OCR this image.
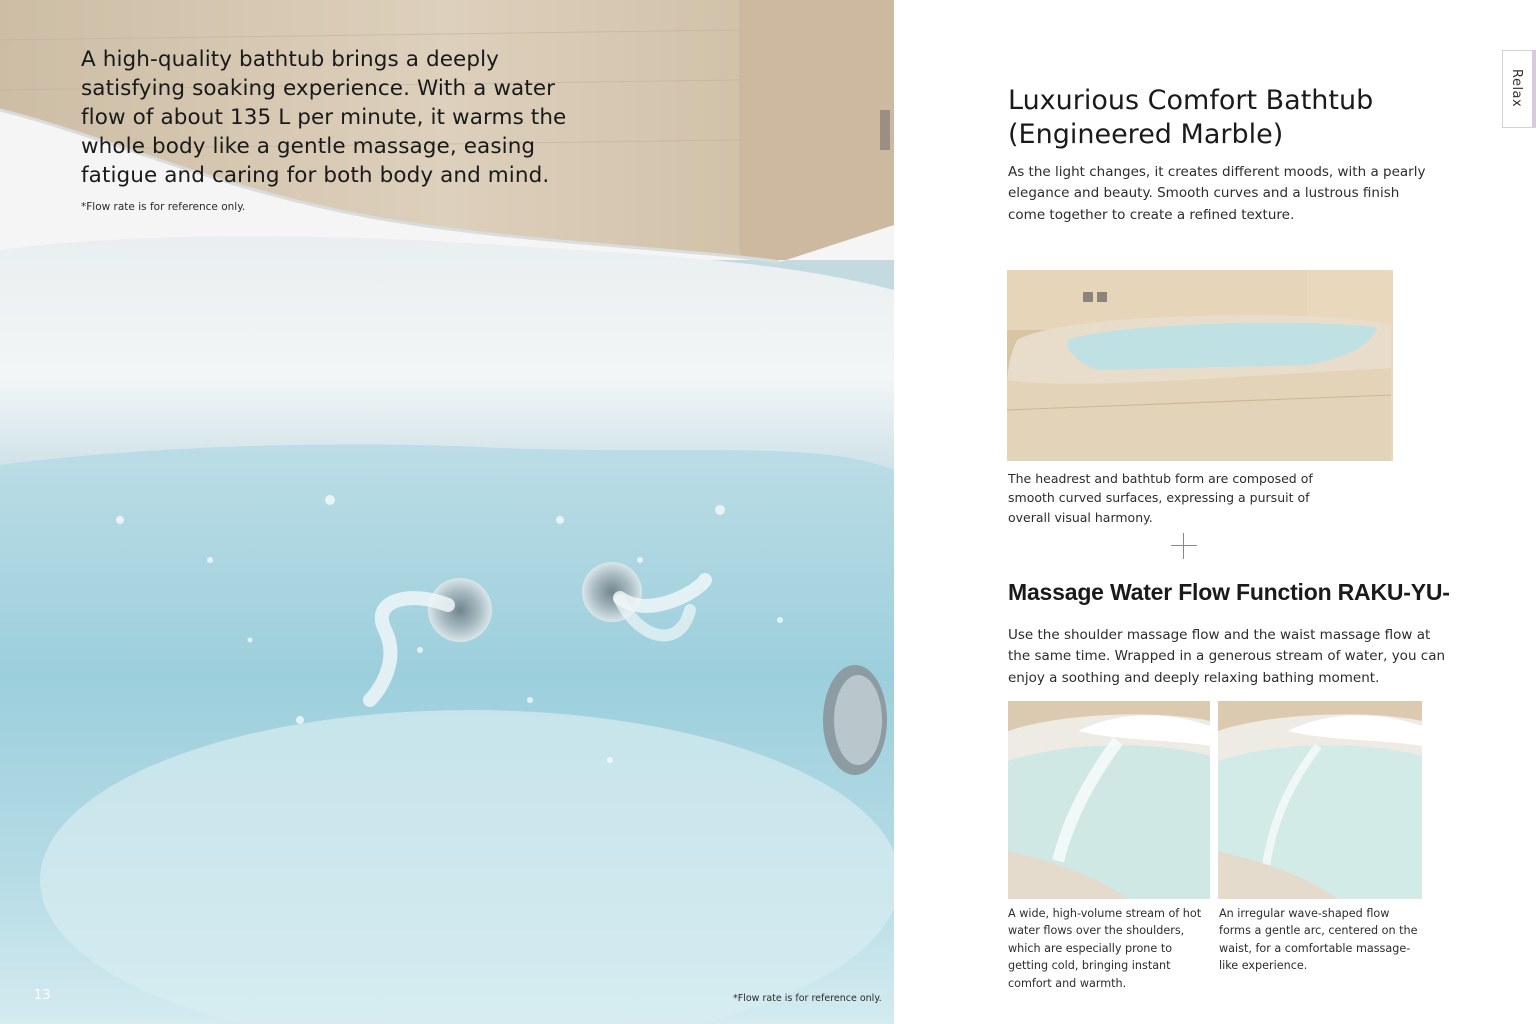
A high-quality bathtub brings a deeply satisfying soaking experience. With a water flow of about 135 L per minute, it warms the whole body like a gentle massage, easing fatigue and caring for both body and mind.

*Flow rate is for reference only.

13	*Flow rate is for reference only.
Relax
Luxurious Comfort Bathtub (Engineered Marble)

As the light changes, it creates different moods, with a pearly elegance and beauty. Smooth curves and a lustrous finish come together to create a refined texture.

The headrest and bathtub form are composed of smooth curved surfaces, expressing a pursuit of overall visual harmony.

Massage Water Flow Function RAKU-YU-

Use the shoulder massage flow and the waist massage flow at the same time. Wrapped in a generous stream of water, you can enjoy a soothing and deeply relaxing bathing moment.

A wide, high-volume stream of hot water flows over the shoulders, which are especially prone to getting cold, bringing instant comfort and warmth.

An irregular wave-shaped flow forms a gentle arc, centered on the waist, for a comfortable massage-like experience.
